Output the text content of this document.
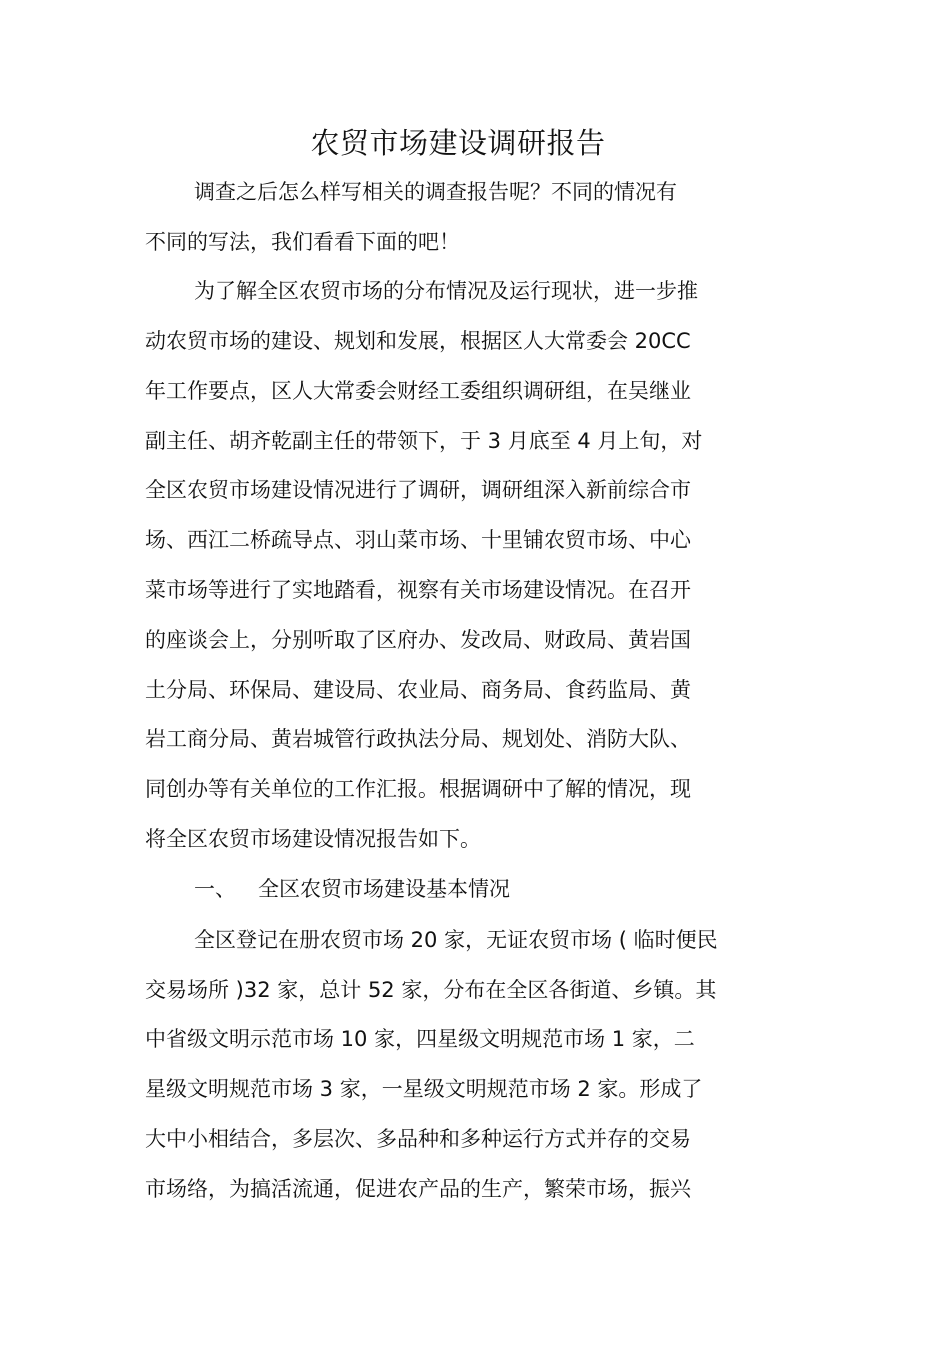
农贸市场建设调研报告
调查之后怎么样写相关的调查报告呢？不同的情况有
不同的写法，我们看看下面的吧！
为了解全区农贸市场的分布情况及运行现状，进一步推
动农贸市场的建设、规划和发展，根据区人大常委会 20CC
年工作要点，区人大常委会财经工委组织调研组，在吴继业
副主任、胡齐乾副主任的带领下，于 3 月底至 4 月上旬，对
全区农贸市场建设情况进行了调研，调研组深入新前综合市
场、西江二桥疏导点、羽山菜市场、十里铺农贸市场、中心
菜市场等进行了实地踏看，视察有关市场建设情况。在召开
的座谈会上，分别听取了区府办、发改局、财政局、黄岩国
土分局、环保局、建设局、农业局、商务局、食药监局、黄
岩工商分局、黄岩城管行政执法分局、规划处、消防大队、
同创办等有关单位的工作汇报。根据调研中了解的情况，现
将全区农贸市场建设情况报告如下。
一、 全区农贸市场建设基本情况
全区登记在册农贸市场 20 家，无证农贸市场 ( 临时便民
交易场所 )32 家，总计 52 家，分布在全区各街道、乡镇。其
中省级文明示范市场 10 家，四星级文明规范市场 1 家，二
星级文明规范市场 3 家，一星级文明规范市场 2 家。形成了
大中小相结合，多层次、多品种和多种运行方式并存的交易
市场络，为搞活流通，促进农产品的生产，繁荣市场，振兴
